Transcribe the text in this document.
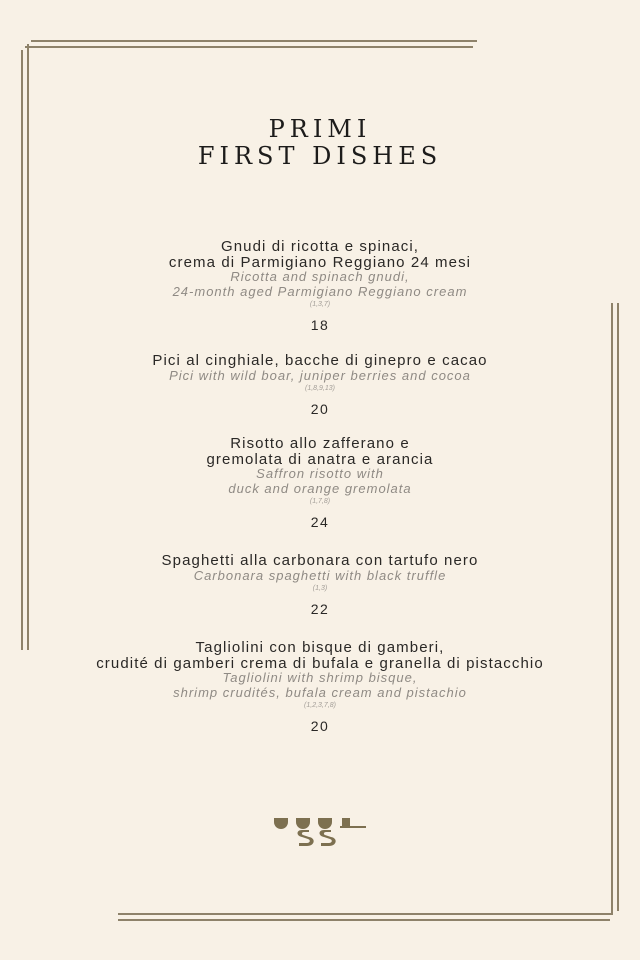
PRIMI
FIRST DISHES
Gnudi di ricotta e spinaci,
crema di Parmigiano Reggiano 24 mesi
Ricotta and spinach gnudi,
24-month aged Parmigiano Reggiano cream
(1,3,7)
18
Pici al cinghiale, bacche di ginepro e cacao
Pici with wild boar, juniper berries and cocoa
(1,8,9,13)
20
Risotto allo zafferano e
gremolata di anatra e arancia
Saffron risotto with
duck and orange gremolata
(1,7,8)
24
Spaghetti alla carbonara con tartufo nero
Carbonara spaghetti with black truffle
(1,3)
22
Tagliolini con bisque di gamberi,
crudité di gamberi crema di bufala e granella di pistacchio
Tagliolini with shrimp bisque,
shrimp crudités, bufala cream and pistachio
(1,2,3,7,8)
20
